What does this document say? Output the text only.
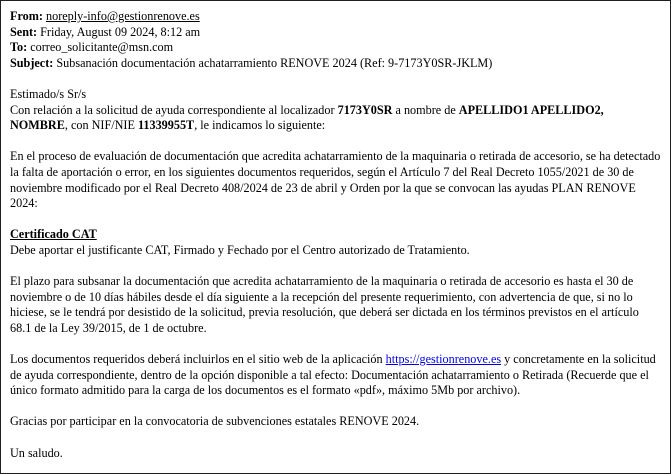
From: noreply-info@gestionrenove.es
Sent: Friday, August 09 2024, 8:12 am
To: correo_solicitante@msn.com
Subject: Subsanación documentación achatarramiento RENOVE 2024 (Ref: 9-7173Y0SR-JKLM)

Estimado/s Sr/s

Con relación a la solicitud de ayuda correspondiente al localizador 7173Y0SR a nombre de APELLIDO1 APELLIDO2, NOMBRE, con NIF/NIE 11339955T, le indicamos lo siguiente:

En el proceso de evaluación de documentación que acredita achatarramiento de la maquinaria o retirada de accesorio, se ha detectado la falta de aportación o error, en los siguientes documentos requeridos, según el Artículo 7 del Real Decreto 1055/2021 de 30 de noviembre modificado por el Real Decreto 408/2024 de 23 de abril y Orden por la que se convocan las ayudas PLAN RENOVE 2024:

Certificado CAT

Debe aportar el justificante CAT, Firmado y Fechado por el Centro autorizado de Tratamiento.

El plazo para subsanar la documentación que acredita achatarramiento de la maquinaria o retirada de accesorio es hasta el 30 de noviembre o de 10 días hábiles desde el día siguiente a la recepción del presente requerimiento, con advertencia de que, si no lo hiciese, se le tendrá por desistido de la solicitud, previa resolución, que deberá ser dictada en los términos previstos en el artículo 68.1 de la Ley 39/2015, de 1 de octubre.

Los documentos requeridos deberá incluirlos en el sitio web de la aplicación https://gestionrenove.es y concretamente en la solicitud de ayuda correspondiente, dentro de la opción disponible a tal efecto: Documentación achatarramiento o Retirada (Recuerde que el único formato admitido para la carga de los documentos es el formato «pdf», máximo 5Mb por archivo).

Gracias por participar en la convocatoria de subvenciones estatales RENOVE 2024.

Un saludo.
